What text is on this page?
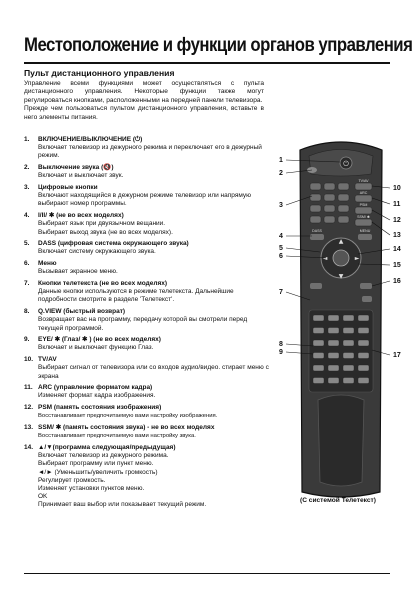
Местоположение и функции органов управления
Пульт дистанционного управления

Управление всеми функциями может осуществляться с пульта дистанционного управления. Некоторые функции также могут регулироваться кнопками, расположенными на передней панели телевизора.

Прежде чем пользоваться пультом дистанционного управления, вставьте в него элементы питания.

1. ВКЛЮЧЕНИЕ/ВЫКЛЮЧЕНИЕ (⏻)
Включает телевизор из дежурного режима и переключает его в дежурный режим.
2. Выключение звука (🔇)
Включает и выключает звук.
3. Цифровые кнопки
Включают находящийся в дежурном режиме телевизор или напрямую выбирают номер программы.
4. I/II/ ✱ (не во всех моделях)
Выбирает язык при двуязычном вещании.
Выбирает выход звука (не во всех моделях).
5. DASS (цифровая система окружающего звука)
Включает систему окружающего звука.
6. Меню
Вызывает экранное меню.
7. Кнопки телетекста (не во всех моделях)
Данные кнопки используются в режиме телетекста. Дальнейшие подробности смотрите в разделе 'Телетекст'.
8. Q.VIEW (быстрый возврат)
Возвращает вас на программу, передачу которой вы смотрели перед текущей программой.
9. EYE/ ✱ (Глаз/ ✱ ) (не во всех моделях)
Включает и выключает функцию Глаз.
10. TV/AV
Выбирает сигнал от телевизора или со входов аудио/видео. стирает меню с экрана
11. ARC (управление форматом кадра)
Изменяет формат кадра изображения.
12. PSM (память состояния изображения)
Восстанавливает предпочитаемую вами настройку изображения.
13. SSM/ ✱ (память состояния звука) - не во всех моделях
Восстанавливает предпочитаемую вами настройку звука.
14. ▲/▼(программа следующая/предыдущая)
Включает телевизор из дежурного режима.
Выбирает программу или пункт меню.
◄/► (Уменьшить/увеличить громкость)
Регулирует громкость.
Изменяет установки пунктов меню.
OK
Принимает ваш выбор или показывает текущий режим.
⏻
TV/AV
ARC
PSM
SSM/ ✱
DASS	MENU
▲
▼
◄	►
1
2
3
4
5
6
7
8
9
10
11
12
13
14
15
16
17
(С системой Телетекст)
